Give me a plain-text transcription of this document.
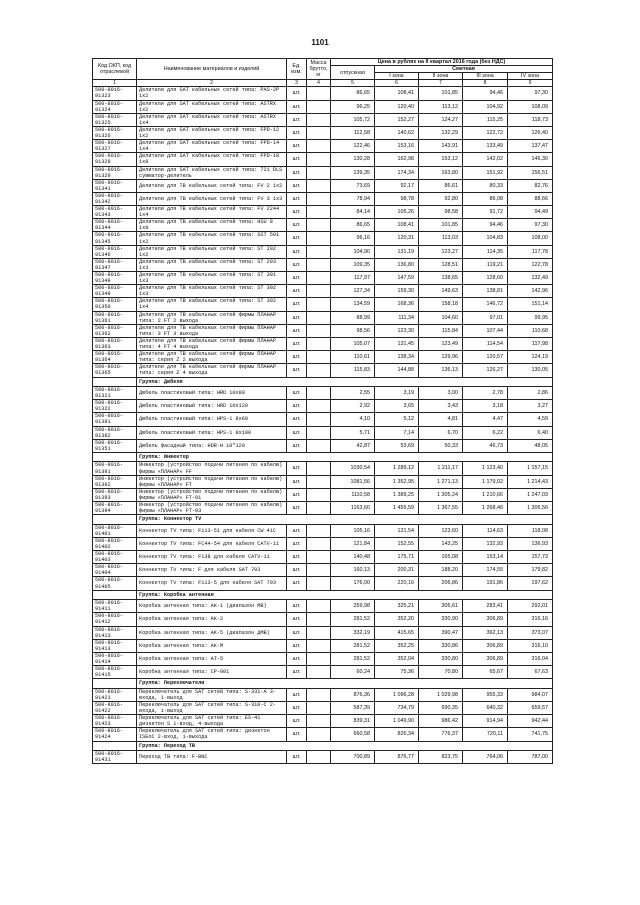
1101
Код ОКП, код отраслевой	Наименование материалов и изделий	Ед. изм.	Масса брутто, кг	Цена в рублях на II квартал 2016 года (без НДС)				
				отпускная	Сметная			
					I зона	II зона	III зона	IV зона
1	2	3	4	5	6	7	8	9
500-8016-91323	Делители для SAT кабельных сетей типа: PAS-2P 1x2	шт.		86,65	108,41	101,85	94,46	97,30
500-8016-91324	Делители для SAT кабельных сетей типа: ASTRX 1x2	шт.		96,25	120,40	113,12	104,92	108,09
500-8016-91325	Делители для SAT кабельных сетей типа: ASTRX 1x4	шт.		105,72	152,27	124,27	115,25	118,73
500-8016-91326	Делители для SAT кабельных сетей типа: FPD-12 1x2	шт.		112,58	140,62	132,29	122,72	126,40
500-8016-91327	Делители для SAT кабельных сетей типа: FPD-14 1x4	шт.		122,46	153,16	143,91	133,49	137,47
500-8016-91328	Делители для SAT кабельных сетей типа: FPD-18 1x8	шт.		130,28	162,98	153,12	142,02	146,30
500-8016-91329	Делители для SAT кабельных сетей типа: 721 DLS сумматор-делитель	шт.		139,35	174,34	163,80	151,92	156,51
500-8016-91341	Делители для ТВ кабельных сетей типа: FV 2 1x2	шт.		73,69	92,17	86,61	80,33	82,76
500-8016-91342	Делители для ТВ кабельных сетей типа: FV 3 1x3	шт.		78,94	98,78	92,80	86,08	88,66
500-8016-91343	Делители для ТВ кабельных сетей типа: FV 2244 1x4	шт.		84,14	105,26	98,58	91,72	94,49
500-8016-91344	Делители для ТВ кабельных сетей типа: HSU 8 1x8	шт.		86,65	108,41	101,85	94,46	97,30
500-8016-91345	Делители для ТВ кабельных сетей типа: SST 501 1x2	шт.		96,16	120,31	113,03	104,83	108,00
500-8016-91346	Делители для ТВ кабельных сетей типа: ST 202 1x2	шт.		104,90	131,19	123,27	114,35	117,78
500-8016-91347	Делители для ТВ кабельных сетей типа: ST 203 1x3	шт.		109,35	136,80	128,51	119,21	122,78
500-8016-91348	Делители для ТВ кабельных сетей типа: ST 301 1x3	шт.		117,97	147,59	138,65	128,60	132,49
500-8016-91349	Делители для ТВ кабельных сетей типа: ST 302 1x3	шт.		127,34	159,30	149,63	138,81	142,96
500-8016-91350	Делители для ТВ кабельных сетей типа: ST 302 1x4	шт.		134,59	168,36	158,18	146,72	151,14
500-8016-91361	Делители для ТВ кабельных сетей фирмы ПЛАНАР типа: 2 FT 2 выхода	шт.		88,99	111,34	104,60	97,01	99,95
500-8016-91362	Делители для ТВ кабельных сетей фирмы ПЛАНАР типа: 3 FT 3 выхода	шт.		98,56	123,30	115,84	107,44	110,68
500-8016-91363	Делители для ТВ кабельных сетей фирмы ПЛАНАР типа: 4 FT 4 выхода	шт.		105,07	131,45	123,49	114,54	117,98
500-8016-91364	Делители для ТВ кабельных сетей фирмы ПЛАНАР типа: серия Z 2 выхода	шт.		110,61	138,34	129,96	120,57	124,19
500-8016-91365	Делители для ТВ кабельных сетей фирмы ПЛАНАР типа: серия Z 4 выхода	шт.		115,83	144,88	136,13	126,27	130,05
	Группа: Дюбеля							
500-8016-91321	Дюбель пластиковый типа: HRD 10x80	шт.		2,55	3,19	3,00	2,78	2,86
500-8016-91322	Дюбель пластиковый типа: HRD 10x120	шт.		2,92	3,65	3,43	3,18	3,27
500-8016-91381	Дюбель пластиковый типа: HPS-1 8x60	шт.		4,10	5,12	4,81	4,47	4,59
500-8016-91382	Дюбель пластиковый типа: HPS-1 8x100	шт.		5,71	7,14	6,70	6,22	6,40
500-8016-91351	Дюбель фасадный типа: HDR-H 10*120	шт.		42,87	53,69	50,33	46,73	48,05
	Группа: Инжектор							
500-8016-91391	Инжектор (устройство подачи питания по кабелю) фирмы «ПЛАНАР» FF	шт.		1030,54	1 289,12	1 211,17	1 123,40	1 157,15
500-8016-91392	Инжектор (устройство подачи питания по кабелю) фирмы «ПЛАНАР» FT	шт.		1081,56	1 352,95	1 271,13	1 179,02	1 214,43
500-8016-91393	Инжектор (устройство подачи питания по кабелю) фирмы «ПЛАНАР» FT-01	шт.		1110,58	1 389,25	1 305,24	1 210,66	1 247,03
500-8016-91394	Инжектор (устройство подачи питания по кабелю) фирмы «ПЛАНАР» FT-03	шт.		1163,60	1 455,59	1 367,55	1 268,46	1 306,56
	Группа: Коннектор TV							
500-8016-91401	Коннектор TV типа: F113-51 для кабеля CW 41C	шт.		105,16	131,54	123,60	114,63	118,08
500-8016-91402	Коннектор TV типа: FC44-54 для кабеля CATV-11	шт.		121,84	152,55	143,25	132,93	136,93
500-8016-91403	Коннектор TV типа: F138 для кабеля CATV-11	шт.		140,48	175,71	165,08	153,14	157,73
500-8016-91404	Коннектор TV типа: F для кабеля SAT 703	шт.		160,13	200,31	188,20	174,55	179,82
500-8016-91405	Коннектор TV типа: F113-5 для кабеля SAT 703	шт.		176,00	220,16	206,86	191,86	197,62
	Группа: Коробка антенная							
500-8016-91411	Коробка антенная типа: АК-1 (диапазон МВ)	шт.		259,98	325,21	305,61	283,41	292,01
500-8016-91412	Коробка антенная типа: АК-2	шт.		281,52	352,20	330,90	306,89	316,16
500-8016-91413	Коробка антенная типа: АК-5 (диапазон ДМВ)	шт.		332,19	415,65	390,47	362,13	373,07
500-8016-91413	Коробка антенная типа: АК-М	шт.		281,52	352,25	330,86	306,89	316,10
500-8016-91414	Коробка антенная типа: АТ-5	шт.		281,52	352,04	330,80	306,89	316,04
500-8016-91415	Коробка антенная типа: СР-001	шт.		60,24	75,36	70,80	65,67	67,63
	Группа: Переключатели							
500-8016-91421	Переключатель для SAT сетей типа: S-331-A 3-входа, 1-выход	шт.		876,36	1 096,28	1 029,98	955,33	984,07
500-8016-91422	Переключатель для SAT сетей типа: S-310-C 2-входа, 1-выход	шт.		587,39	734,79	690,35	640,32	659,57
500-8016-91423	Переключатель для SAT сетей типа: ES-41 диэкетон S 1-вход, 4-выхода	шт.		839,31	1 049,90	986,42	914,94	942,44
500-8016-91424	Переключатель для SAT сетей типа: диэкетон ISEoC 2-вход, 1-выхода	шт.		660,58	826,34	776,37	720,11	741,75
	Группа: Переход ТВ							
500-8016-91431	Переход ТВ типа: F-BNC	шт.		700,89	876,77	823,75	764,06	787,00
